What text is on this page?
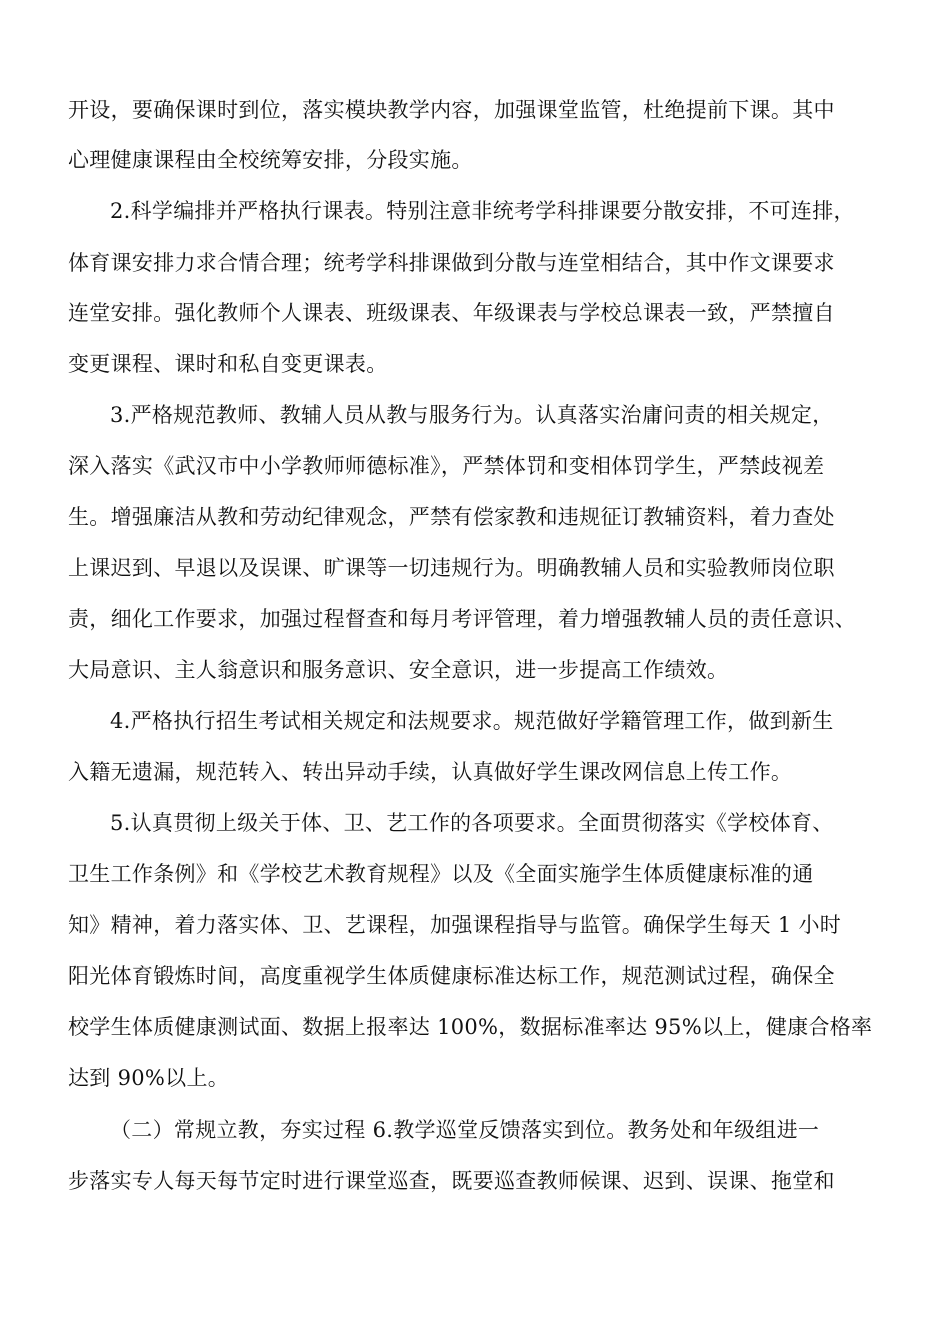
开设，要确保课时到位，落实模块教学内容，加强课堂监管，杜绝提前下课。其中
心理健康课程由全校统筹安排，分段实施。
2.科学编排并严格执行课表。特别注意非统考学科排课要分散安排，不可连排，
体育课安排力求合情合理；统考学科排课做到分散与连堂相结合，其中作文课要求
连堂安排。强化教师个人课表、班级课表、年级课表与学校总课表一致，严禁擅自
变更课程、课时和私自变更课表。
3.严格规范教师、教辅人员从教与服务行为。认真落实治庸问责的相关规定，
深入落实《武汉市中小学教师师德标准》，严禁体罚和变相体罚学生，严禁歧视差
生。增强廉洁从教和劳动纪律观念，严禁有偿家教和违规征订教辅资料，着力查处
上课迟到、早退以及误课、旷课等一切违规行为。明确教辅人员和实验教师岗位职
责，细化工作要求，加强过程督查和每月考评管理，着力增强教辅人员的责任意识、
大局意识、主人翁意识和服务意识、安全意识，进一步提高工作绩效。
4.严格执行招生考试相关规定和法规要求。规范做好学籍管理工作，做到新生
入籍无遗漏，规范转入、转出异动手续，认真做好学生课改网信息上传工作。
5.认真贯彻上级关于体、卫、艺工作的各项要求。全面贯彻落实《学校体育、
卫生工作条例》和《学校艺术教育规程》以及《全面实施学生体质健康标准的通
知》精神，着力落实体、卫、艺课程，加强课程指导与监管。确保学生每天 1 小时
阳光体育锻炼时间，高度重视学生体质健康标准达标工作，规范测试过程，确保全
校学生体质健康测试面、数据上报率达 100%，数据标准率达 95%以上，健康合格率
达到 90%以上。
（二）常规立教，夯实过程 6.教学巡堂反馈落实到位。教务处和年级组进一
步落实专人每天每节定时进行课堂巡查，既要巡查教师候课、迟到、误课、拖堂和
